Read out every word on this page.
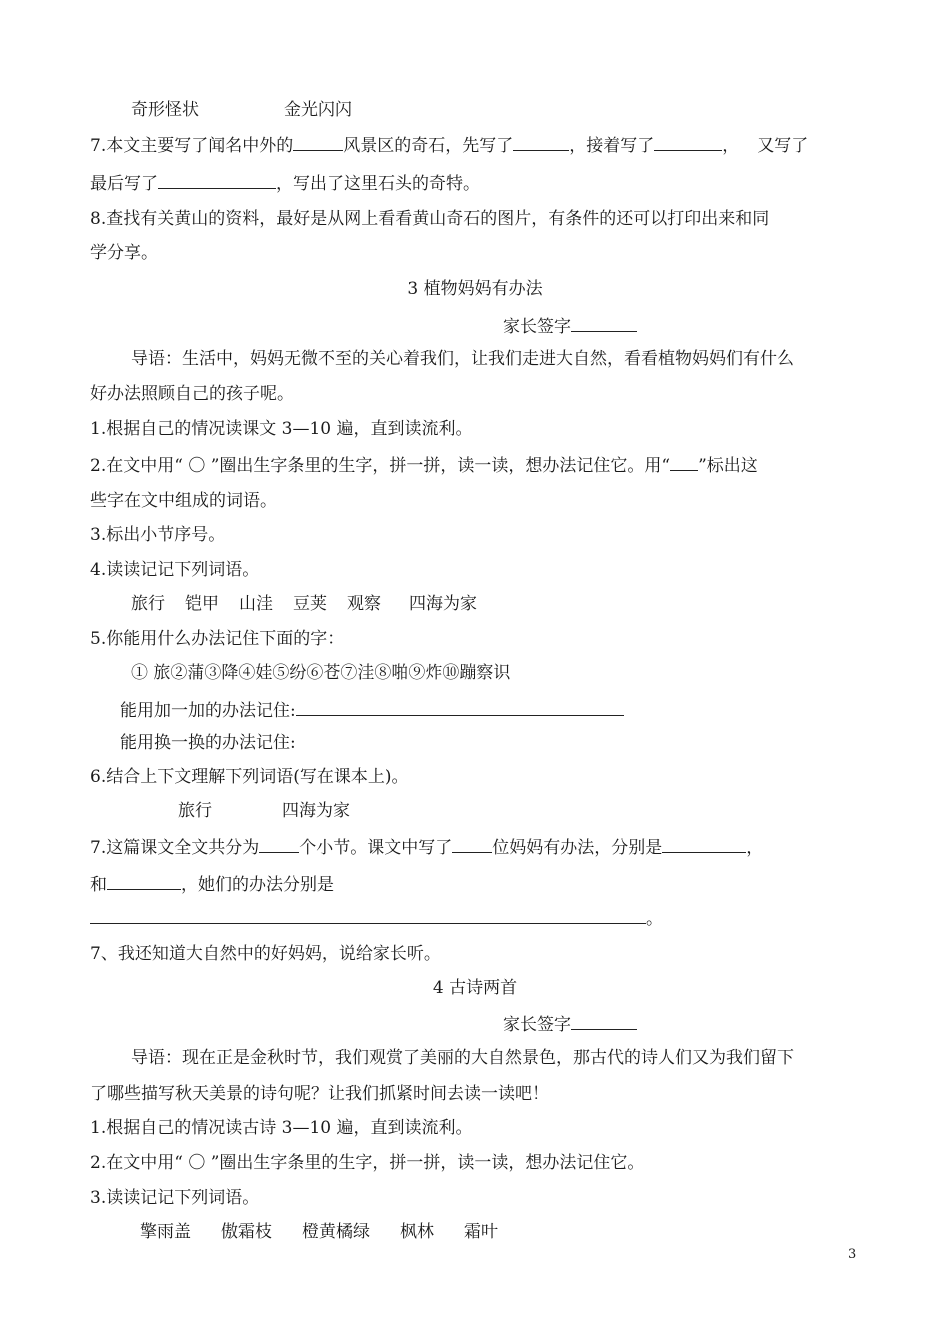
奇形怪状	金光闪闪
7.本文主要写了闻名中外的	风景区的奇石，先写了	，接着写了	， 又写了
最后写了	，写出了这里石头的奇特。
8.查找有关黄山的资料，最好是从网上看看黄山奇石的图片，有条件的还可以打印出来和同
学分享。
3 植物妈妈有办法
家长签字
导语：生活中，妈妈无微不至的关心着我们，让我们走进大自然，看看植物妈妈们有什么
好办法照顾自己的孩子呢。
1.根据自己的情况读课文 3—10 遍，直到读流利。
2.在文中用“ 〇 ”圈出生字条里的生字，拼一拼，读一读，想办法记住它。用“ ”标出这
些字在文中组成的词语。
3.标出小节序号。
4.读读记记下列词语。
旅行 铠甲 山洼 豆荚 观察 四海为家
5.你能用什么办法记住下面的字：
① 旅②蒲③降④娃⑤纷⑥苍⑦洼⑧啪⑨炸⑩蹦察识
能用加一加的办法记住:
能用换一换的办法记住:
6.结合上下文理解下列词语(写在课本上)。
旅行	四海为家
7.这篇课文全文共分为 个小节。课文中写了 位妈妈有办法，分别是	，
和	，她们的办法分别是
。
7、我还知道大自然中的好妈妈，说给家长听。
4 古诗两首
家长签字
导语：现在正是金秋时节，我们观赏了美丽的大自然景色，那古代的诗人们又为我们留下
了哪些描写秋天美景的诗句呢？让我们抓紧时间去读一读吧！
1.根据自己的情况读古诗 3—10 遍，直到读流利。
2.在文中用“ 〇 ”圈出生字条里的生字，拼一拼，读一读，想办法记住它。
3.读读记记下列词语。
擎雨盖 傲霜枝 橙黄橘绿 枫林 霜叶
3
